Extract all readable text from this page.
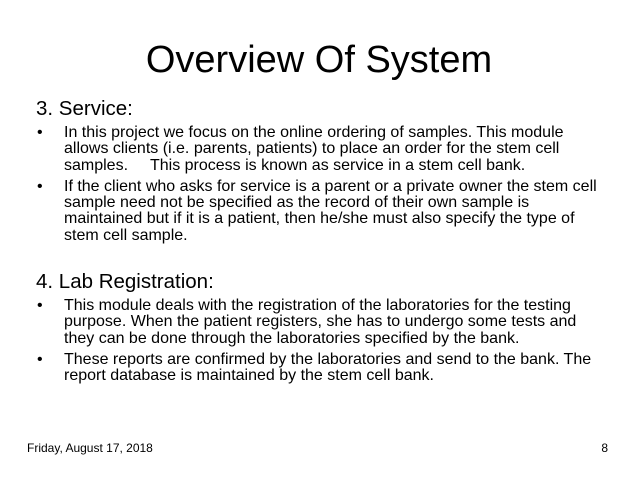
Overview Of System
3. Service:
• In this project we focus on the online ordering of samples. This module allows clients (i.e. parents, patients) to place an order for the stem cell samples.     This process is known as service in a stem cell bank.
• If the client who asks for service is a parent or a private owner the stem cell sample need not be specified as the record of their own sample is maintained but if it is a patient, then he/she must also specify the type of stem cell sample.
4. Lab Registration:
• This module deals with the registration of the laboratories for the testing purpose. When the patient registers, she has to undergo some tests and they can be done through the laboratories specified by the bank.
• These reports are confirmed by the laboratories and send to the bank. The report database is maintained by the stem cell bank.
Friday, August 17, 2018	8
